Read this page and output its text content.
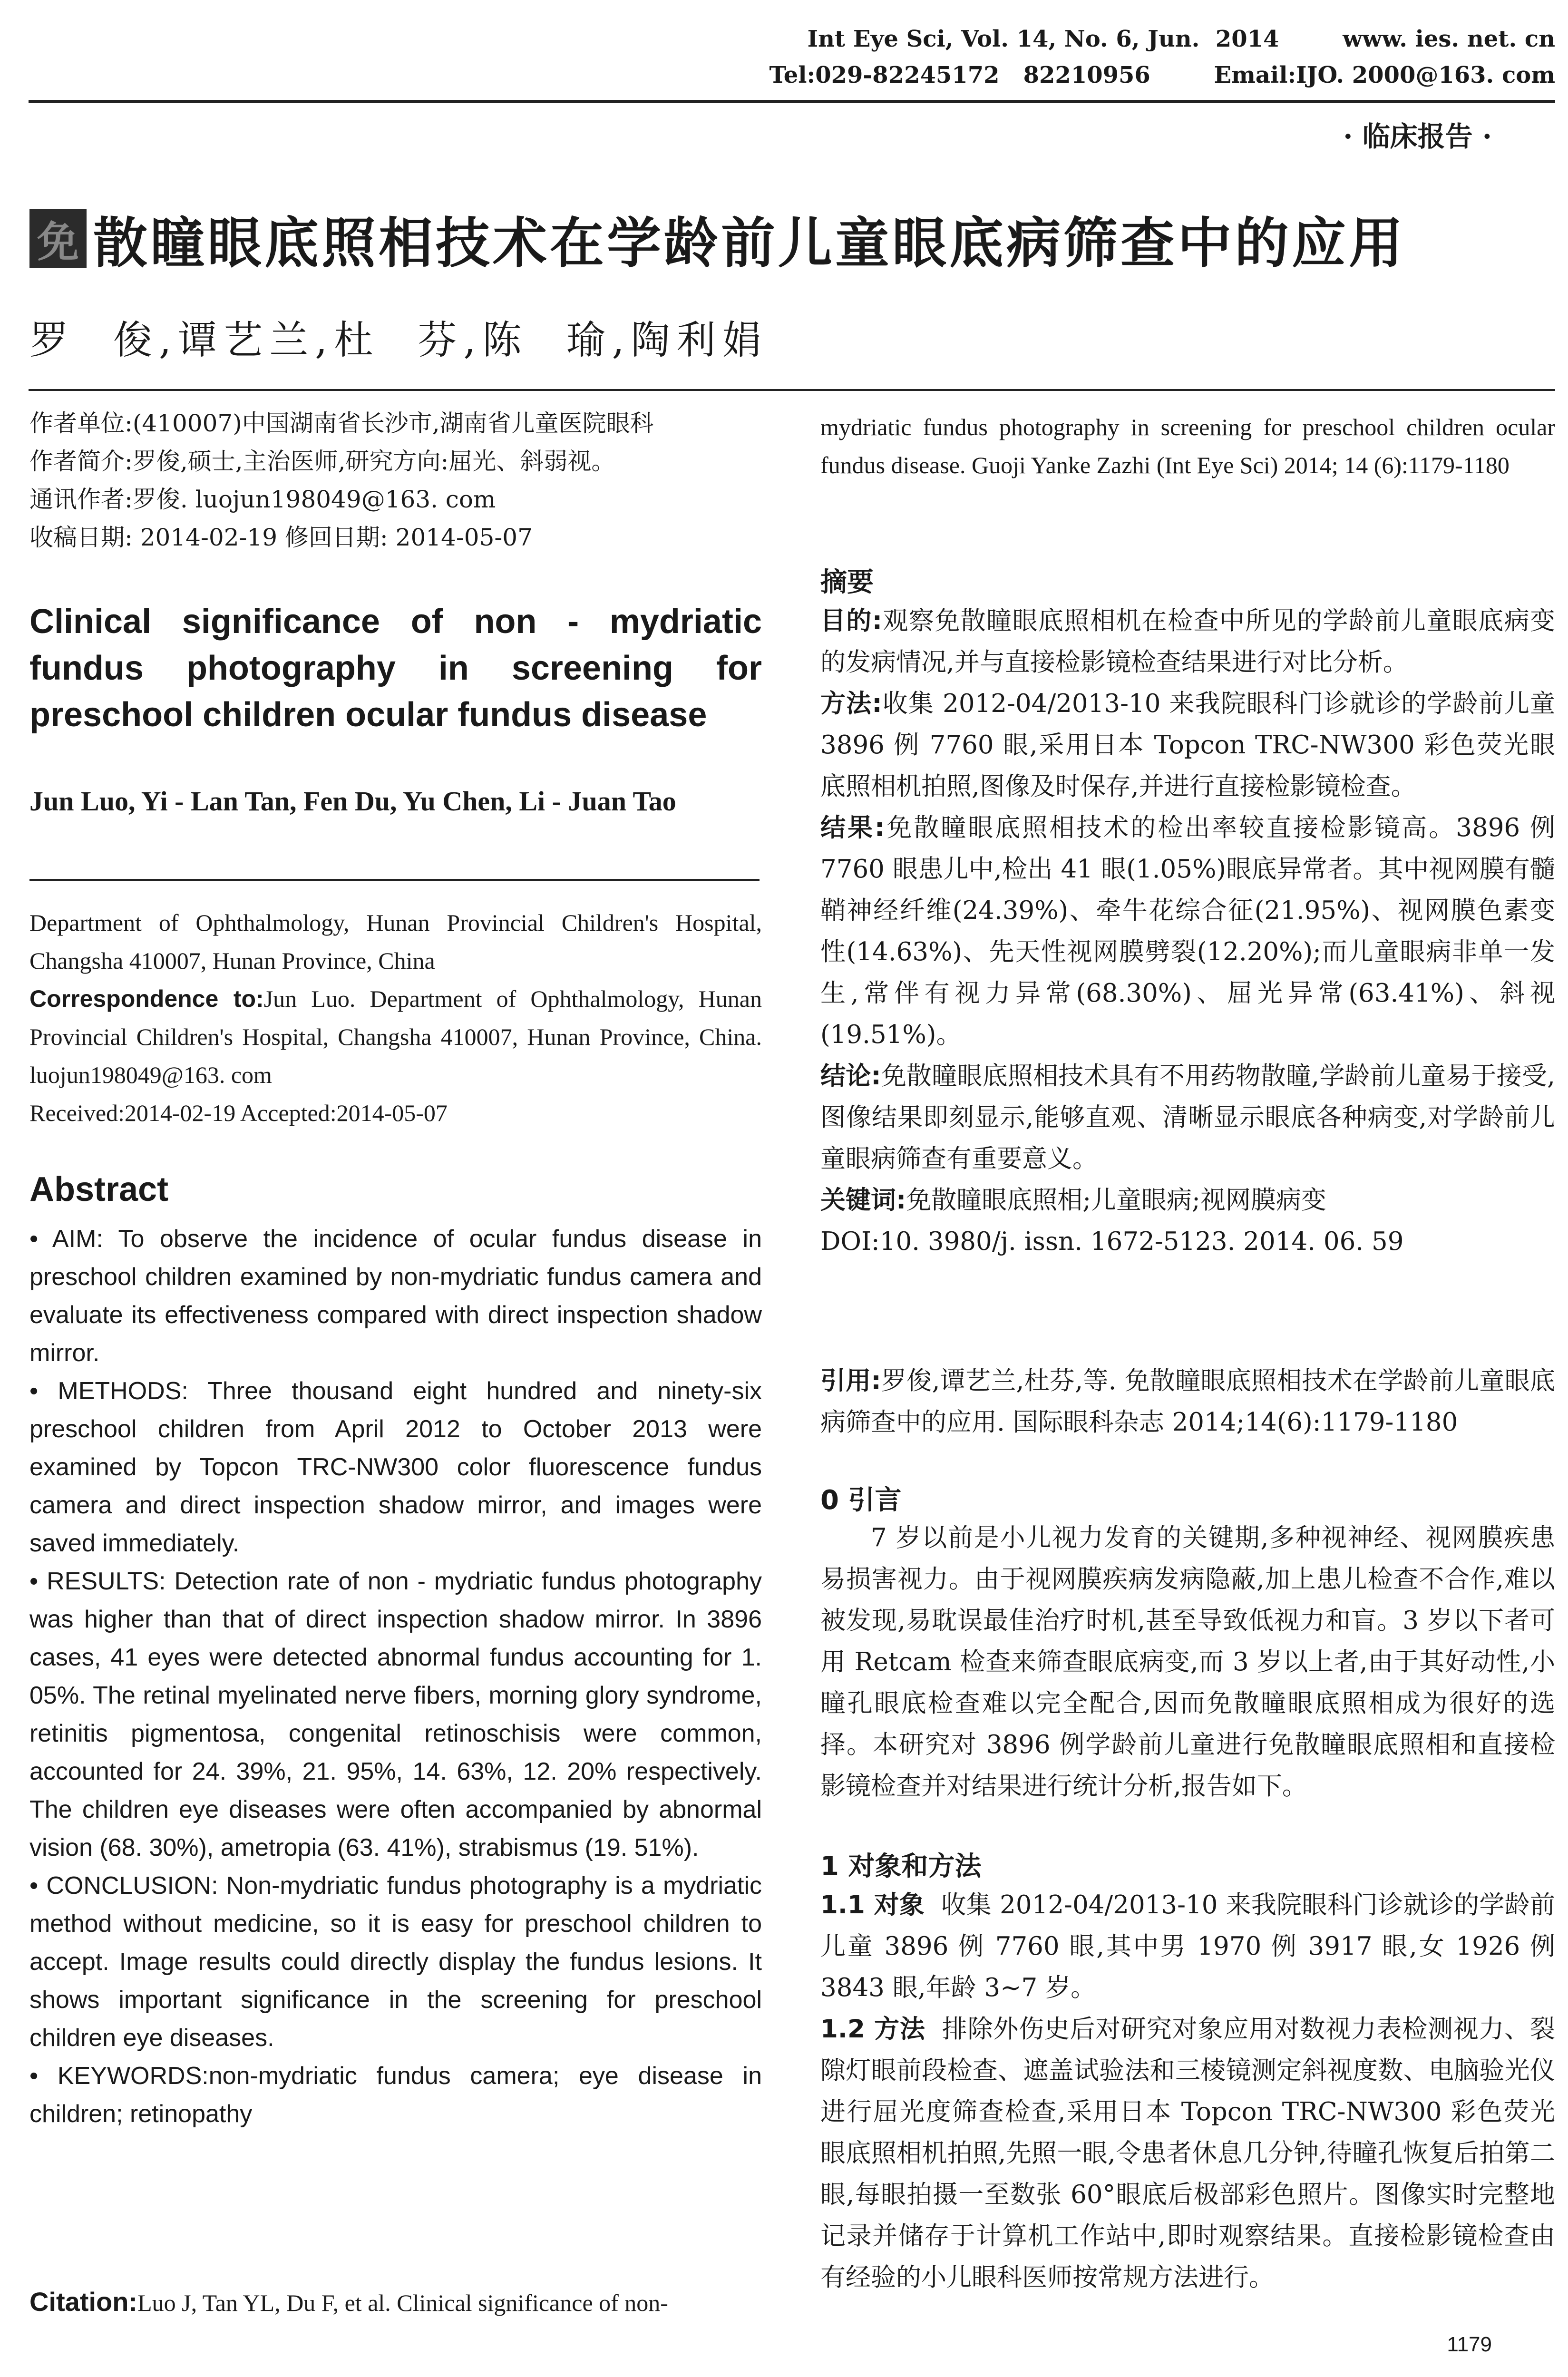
Int Eye Sci, Vol. 14, No. 6, Jun.  2014        www. ies. net. cn
Tel:029-82245172   82210956        Email:IJO. 2000@163. com
· 临床报告 ·
免 散瞳眼底照相技术在学龄前儿童眼底病筛查中的应用
罗  俊,谭艺兰,杜  芬,陈  瑜,陶利娟

作者单位:(410007)中国湖南省长沙市,湖南省儿童医院眼科

作者简介:罗俊,硕士,主治医师,研究方向:屈光、斜弱视。

通讯作者:罗俊. luojun198049@163. com

收稿日期: 2014-02-19 修回日期: 2014-05-07

Clinical significance of non - mydriatic fundus photography in screening for preschool children ocular fundus disease
Jun Luo, Yi - Lan Tan, Fen Du, Yu Chen, Li - Juan Tao

Department of Ophthalmology, Hunan Provincial Children's Hospital, Changsha 410007, Hunan Province, China

Correspondence to:Jun Luo. Department of Ophthalmology, Hunan Provincial Children's Hospital, Changsha 410007, Hunan Province, China. luojun198049@163. com

Received:2014-02-19 Accepted:2014-05-07

Abstract

• AIM: To observe the incidence of ocular fundus disease in preschool children examined by non-mydriatic fundus camera and evaluate its effectiveness compared with direct inspection shadow mirror.

• METHODS: Three thousand eight hundred and ninety-six preschool children from April 2012 to October 2013 were examined by Topcon TRC-NW300 color fluorescence fundus camera and direct inspection shadow mirror, and images were saved immediately.

• RESULTS: Detection rate of non - mydriatic fundus photography was higher than that of direct inspection shadow mirror. In 3896 cases, 41 eyes were detected abnormal fundus accounting for 1. 05%. The retinal myelinated nerve fibers, morning glory syndrome, retinitis pigmentosa, congenital retinoschisis were common, accounted for 24. 39%, 21. 95%, 14. 63%, 12. 20% respectively. The children eye diseases were often accompanied by abnormal vision (68. 30%), ametropia (63. 41%), strabismus (19. 51%).

• CONCLUSION: Non-mydriatic fundus photography is a mydriatic method without medicine, so it is easy for preschool children to accept. Image results could directly display the fundus lesions. It shows important significance in the screening for preschool children eye diseases.

• KEYWORDS:non-mydriatic fundus camera; eye disease in children; retinopathy

Citation:Luo J, Tan YL, Du F, et al. Clinical significance of non-
mydriatic fundus photography in screening for preschool children ocular fundus disease. Guoji Yanke Zazhi (Int Eye Sci) 2014; 14 (6):1179-1180
摘要

目的:观察免散瞳眼底照相机在检查中所见的学龄前儿童眼底病变的发病情况,并与直接检影镜检查结果进行对比分析。

方法:收集 2012-04/2013-10 来我院眼科门诊就诊的学龄前儿童 3896 例 7760 眼,采用日本 Topcon TRC-NW300 彩色荧光眼底照相机拍照,图像及时保存,并进行直接检影镜检查。

结果:免散瞳眼底照相技术的检出率较直接检影镜高。3896 例 7760 眼患儿中,检出 41 眼(1.05%)眼底异常者。其中视网膜有髓鞘神经纤维(24.39%)、牵牛花综合征(21.95%)、视网膜色素变性(14.63%)、先天性视网膜劈裂(12.20%);而儿童眼病非单一发生,常伴有视力异常(68.30%)、屈光异常(63.41%)、斜视(19.51%)。

结论:免散瞳眼底照相技术具有不用药物散瞳,学龄前儿童易于接受,图像结果即刻显示,能够直观、清晰显示眼底各种病变,对学龄前儿童眼病筛查有重要意义。

关键词:免散瞳眼底照相;儿童眼病;视网膜病变

DOI:10. 3980/j. issn. 1672-5123. 2014. 06. 59

引用:罗俊,谭艺兰,杜芬,等. 免散瞳眼底照相技术在学龄前儿童眼底病筛查中的应用. 国际眼科杂志 2014;14(6):1179-1180

0 引言

7 岁以前是小儿视力发育的关键期,多种视神经、视网膜疾患易损害视力。由于视网膜疾病发病隐蔽,加上患儿检查不合作,难以被发现,易耽误最佳治疗时机,甚至导致低视力和盲。3 岁以下者可用 Retcam 检查来筛查眼底病变,而 3 岁以上者,由于其好动性,小瞳孔眼底检查难以完全配合,因而免散瞳眼底照相成为很好的选择。本研究对 3896 例学龄前儿童进行免散瞳眼底照相和直接检影镜检查并对结果进行统计分析,报告如下。

1 对象和方法

1.1 对象 收集 2012-04/2013-10 来我院眼科门诊就诊的学龄前儿童 3896 例 7760 眼,其中男 1970 例 3917 眼,女 1926 例 3843 眼,年龄 3~7 岁。

1.2 方法 排除外伤史后对研究对象应用对数视力表检测视力、裂隙灯眼前段检查、遮盖试验法和三棱镜测定斜视度数、电脑验光仪进行屈光度筛查检查,采用日本 Topcon TRC-NW300 彩色荧光眼底照相机拍照,先照一眼,令患者休息几分钟,待瞳孔恢复后拍第二眼,每眼拍摄一至数张 60°眼底后极部彩色照片。图像实时完整地记录并储存于计算机工作站中,即时观察结果。直接检影镜检查由有经验的小儿眼科医师按常规方法进行。

1179
